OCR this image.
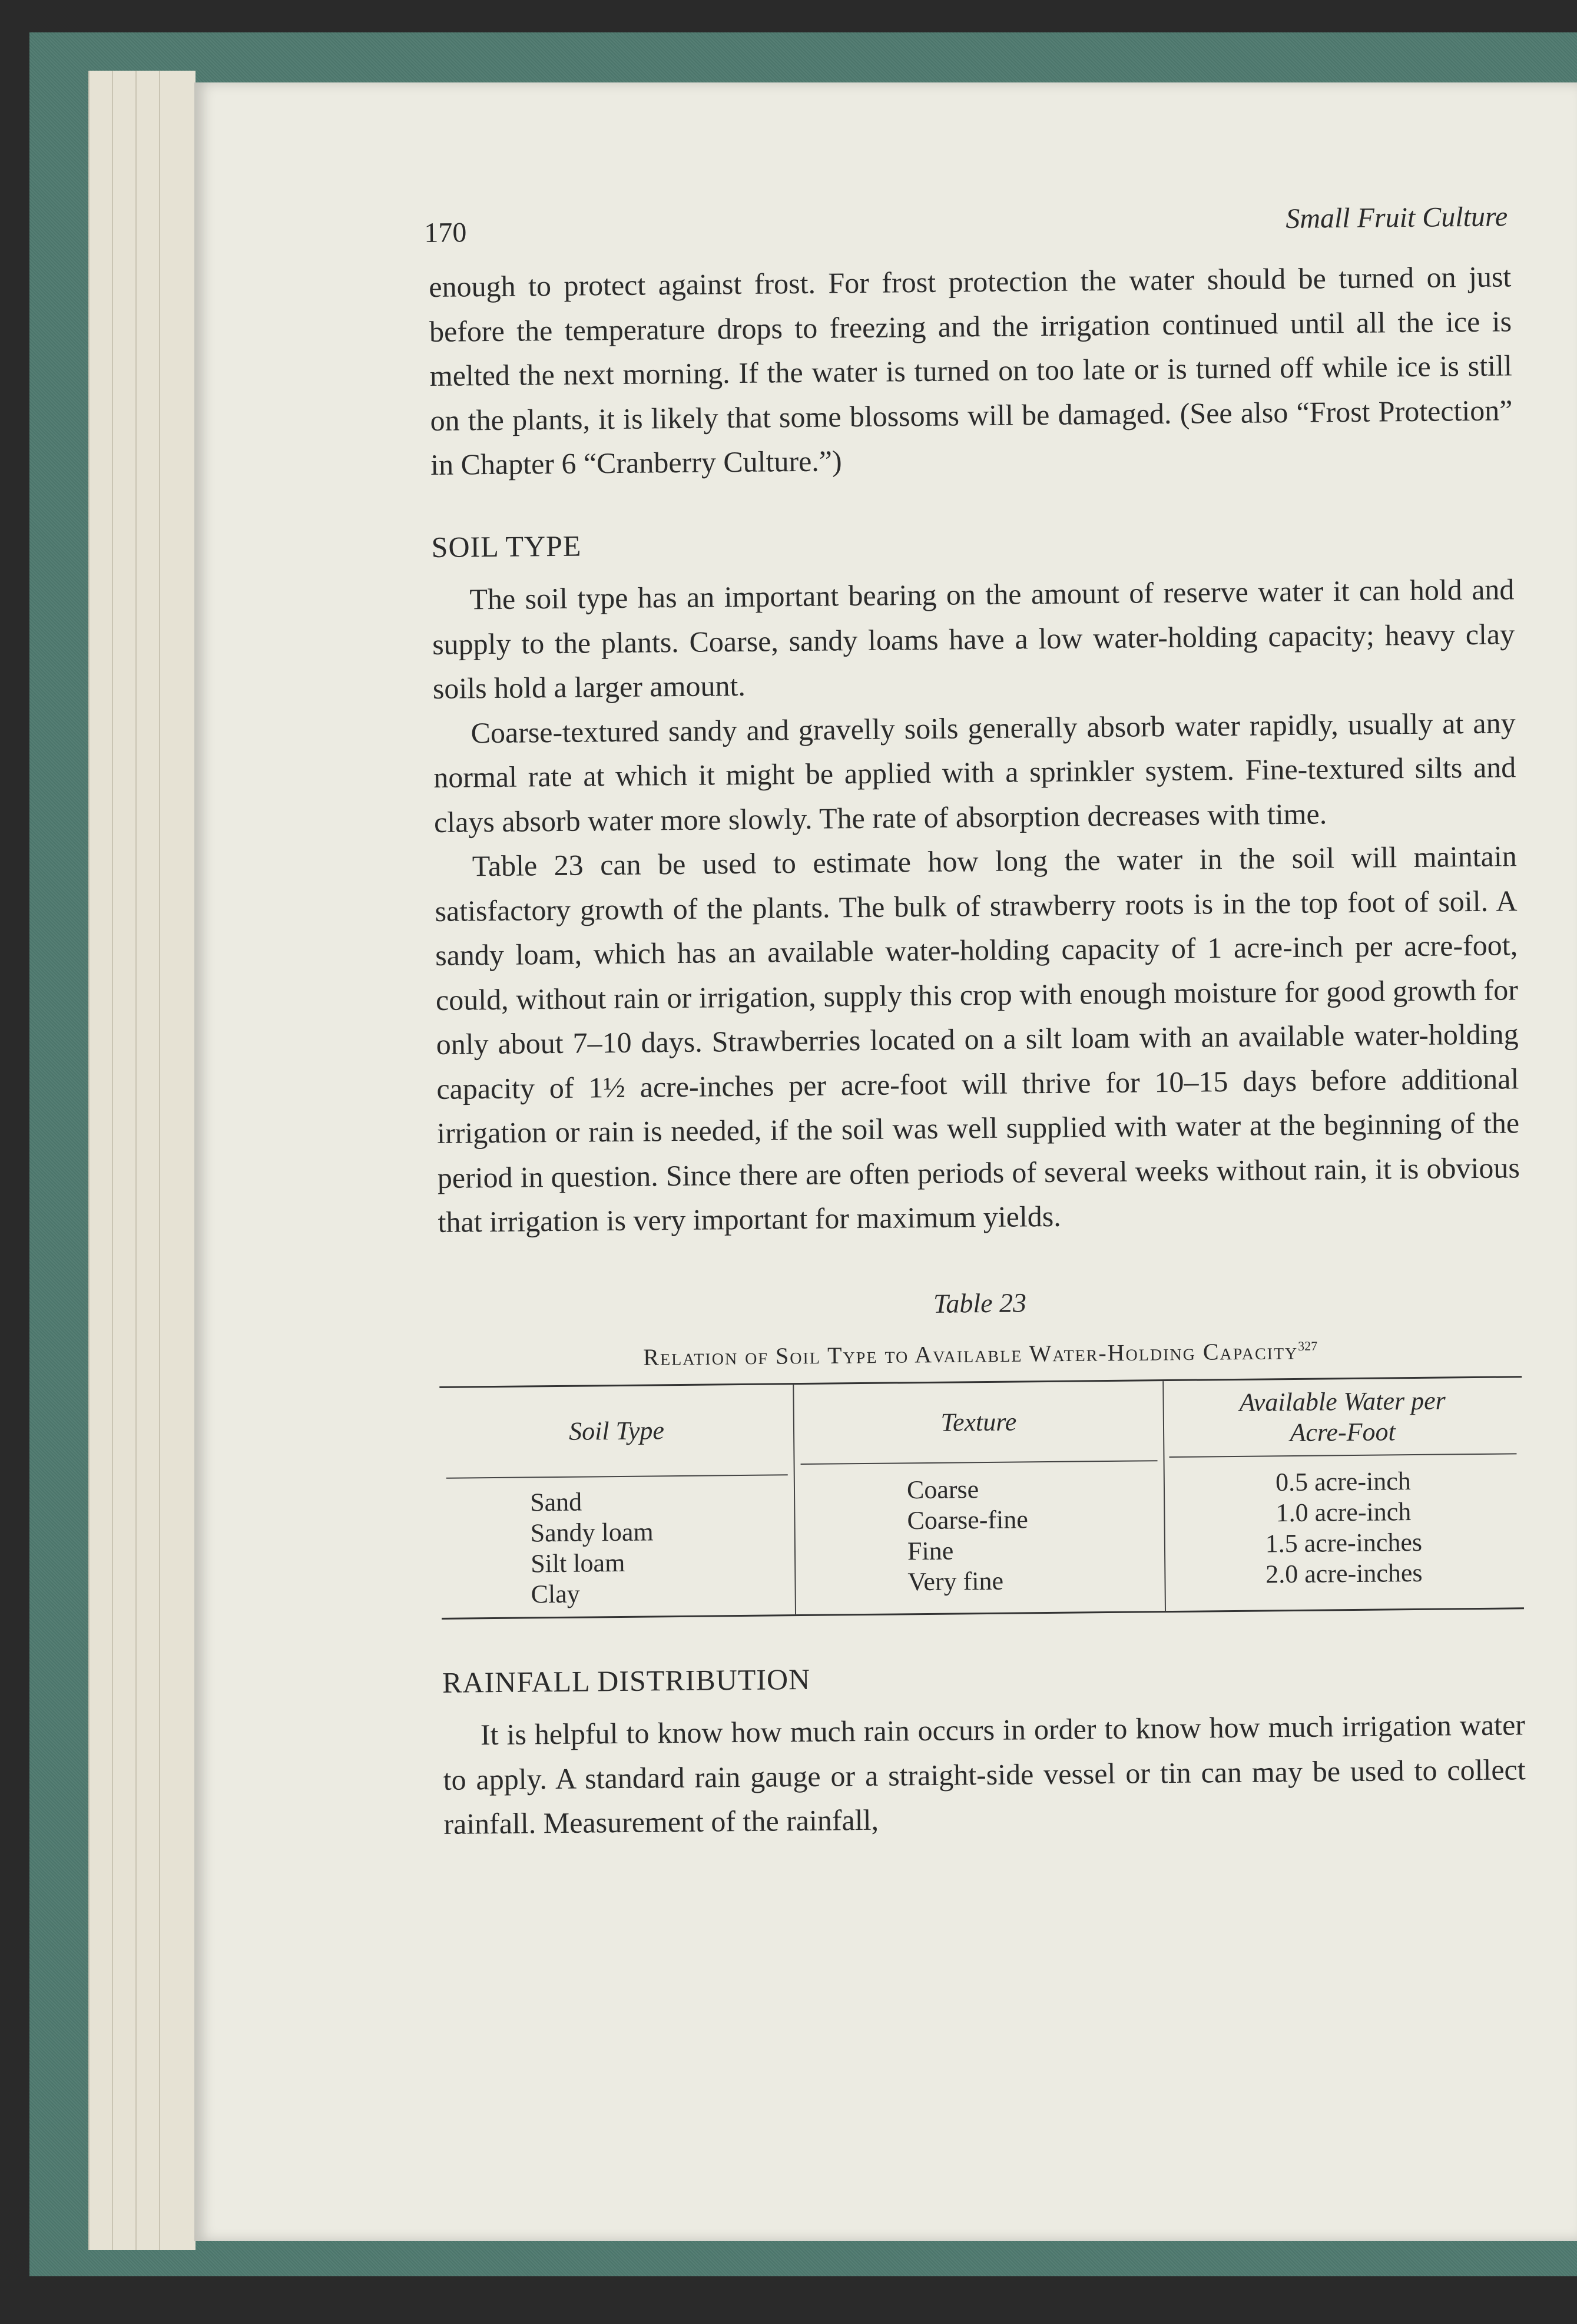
170	Small Fruit Culture

enough to protect against frost. For frost protection the water should be turned on just before the temperature drops to freezing and the irrigation continued until all the ice is melted the next morning. If the water is turned on too late or is turned off while ice is still on the plants, it is likely that some blossoms will be damaged. (See also “Frost Protection” in Chapter 6 “Cranberry Culture.”)

SOIL TYPE

The soil type has an important bearing on the amount of reserve water it can hold and supply to the plants. Coarse, sandy loams have a low water-holding capacity; heavy clay soils hold a larger amount.

Coarse-textured sandy and gravelly soils generally absorb water rapidly, usually at any normal rate at which it might be applied with a sprinkler system. Fine-textured silts and clays absorb water more slowly. The rate of absorption decreases with time.

Table 23 can be used to estimate how long the water in the soil will maintain satisfactory growth of the plants. The bulk of strawberry roots is in the top foot of soil. A sandy loam, which has an available water-holding capacity of 1 acre-inch per acre-foot, could, without rain or irrigation, supply this crop with enough moisture for good growth for only about 7–10 days. Strawberries located on a silt loam with an available water-holding capacity of 1½ acre-inches per acre-foot will thrive for 10–15 days before additional irrigation or rain is needed, if the soil was well supplied with water at the beginning of the period in question. Since there are often periods of several weeks without rain, it is obvious that irrigation is very important for maximum yields.

Table 23
Relation of Soil Type to Available Water-Holding Capacity$^{327}$
Soil Type
Sand
Sandy loam
Silt loam
Clay
Texture
Coarse
Coarse-fine
Fine
Very fine
Available Water per Acre-Foot
0.5 acre-inch
1.0 acre-inch
1.5 acre-inches
2.0 acre-inches
RAINFALL DISTRIBUTION

It is helpful to know how much rain occurs in order to know how much irrigation water to apply. A standard rain gauge or a straight-side vessel or tin can may be used to collect rainfall. Measurement of the rainfall,
